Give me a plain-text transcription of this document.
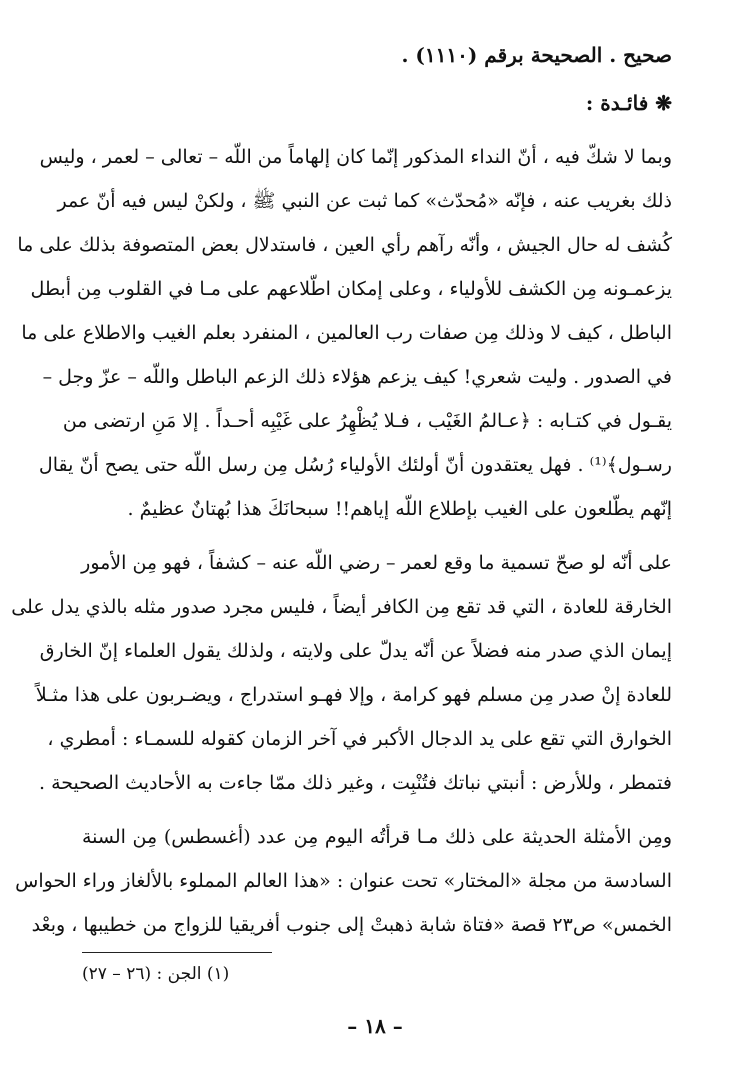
صحيح . الصحيحة برقم (١١١٠) .
❋ فائـدة :
وبما لا شكّ فيه ، أنّ النداء المذكور إنّما كان إلهاماً من اللّه – تعالى – لعمر ، وليس
ذلك بغريب عنه ، فإنّه «مُحدّث» كما ثبت عن النبي ﷺ ، ولكنْ ليس فيه أنّ عمر
كُشف له حال الجيش ، وأنّه رآهم رأي العين ، فاستدلال بعض المتصوفة بذلك على ما
يزعمـونه مِن الكشف للأولياء ، وعلى إمكان اطّلاعهم على مـا في القلوب مِن أبطل
الباطل ، كيف لا وذلك مِن صفات رب العالمين ، المنفرد بعلم الغيب والاطلاع على ما
في الصدور . وليت شعري! كيف يزعم هؤلاء ذلك الزعم الباطل واللّه – عزّ وجل –
يقـول في كتـابه : ﴿عـالمُ الغَيْب ، فـلا يُظْهِرُ على غَيْبِه أحـداً . إلا مَنِ ارتضى من
رسـول﴾⁽¹⁾ . فهل يعتقدون أنّ أولئك الأولياء رُسُل مِن رسل اللّه حتى يصح أنّ يقال
إنّهم يطّلعون على الغيب بإطلاع اللّه إياهم!! سبحانَكَ هذا بُهتانٌ عظيمٌ .
على أنّه لو صحّ تسمية ما وقع لعمر – رضي اللّه عنه – كشفاً ، فهو مِن الأمور
الخارقة للعادة ، التي قد تقع مِن الكافر أيضاً ، فليس مجرد صدور مثله بالذي يدل على
إيمان الذي صدر منه فضلاً عن أنّه يدلّ على ولايته ، ولذلك يقول العلماء إنّ الخارق
للعادة إنْ صدر مِن مسلم فهو كرامة ، وإلا فهـو استدراج ، ويضـربون على هذا مثـلاً
الخوارق التي تقع على يد الدجال الأكبر في آخر الزمان كقوله للسمـاء : أمطري ،
فتمطر ، وللأرض : أنبتي نباتك فتُنْبِت ، وغير ذلك ممّا جاءت به الأحاديث الصحيحة .
ومِن الأمثلة الحديثة على ذلك مـا قرأتُه اليوم مِن عدد (أغسطس) مِن السنة
السادسة من مجلة «المختار» تحت عنوان : «هذا العالم المملوء بالألغاز وراء الحواس
الخمس» ص٢٣ قصة «فتاة شابة ذهبتْ إلى جنوب أفريقيا للزواج من خطيبها ، وبعْد
(١) الجن : (٢٦ – ٢٧)
– ١٨ –
